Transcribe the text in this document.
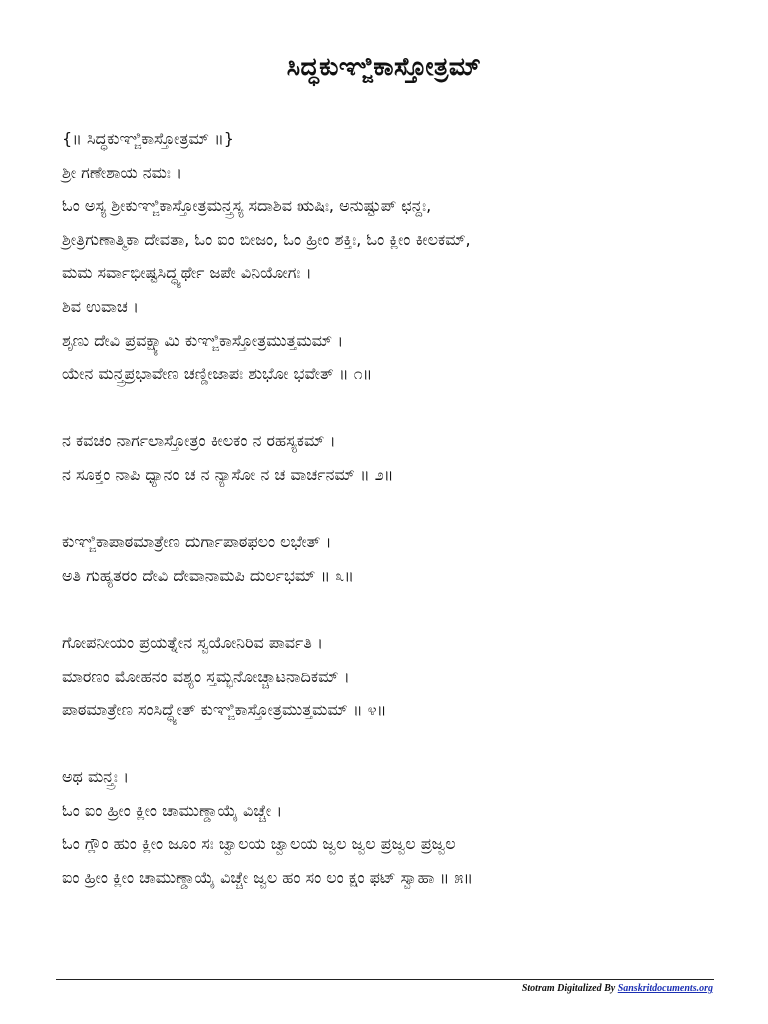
ಸಿದ್ಧಕುಞ್ಜಿಕಾಸ್ತೋತ್ರಮ್
{॥ ಸಿದ್ಧಕುಞ್ಜಿಕಾಸ್ತೋತ್ರಮ್ ॥}
ಶ್ರೀ ಗಣೇಶಾಯ ನಮಃ ।
ಓಂ ಅಸ್ಯ ಶ್ರೀಕುಞ್ಜಿಕಾಸ್ತೋತ್ರಮನ್ತ್ರಸ್ಯ ಸದಾಶಿವ ಋಷಿಃ, ಅನುಷ್ಟುಪ್ ಛನ್ದಃ,
ಶ್ರೀತ್ರಿಗುಣಾತ್ಮಿಕಾ ದೇವತಾ, ಓಂ ಐಂ ಬೀಜಂ, ಓಂ ಹ್ರೀಂ ಶಕ್ತಿಃ, ಓಂ ಕ್ಲೀಂ ಕೀಲಕಮ್,
ಮಮ ಸರ್ವಾಭೀಷ್ಟಸಿದ್ಧ್ಯರ್ಥೇ ಜಪೇ ವಿನಿಯೋಗಃ ।
ಶಿವ ಉವಾಚ ।
ಶೃಣು ದೇವಿ ಪ್ರವಕ್ಷ್ಯಾಮಿ ಕುಞ್ಜಿಕಾಸ್ತೋತ್ರಮುತ್ತಮಮ್ ।
ಯೇನ ಮನ್ತ್ರಪ್ರಭಾವೇಣ ಚಣ್ಡೀಜಾಪಃ ಶುಭೋ ಭವೇತ್ ॥ ೧॥
ನ ಕವಚಂ ನಾರ್ಗಲಾಸ್ತೋತ್ರಂ ಕೀಲಕಂ ನ ರಹಸ್ಯಕಮ್ ।
ನ ಸೂಕ್ತಂ ನಾಪಿ ಧ್ಯಾನಂ ಚ ನ ನ್ಯಾಸೋ ನ ಚ ವಾರ್ಚನಮ್ ॥ ೨॥
ಕುಞ್ಜಿಕಾಪಾಠಮಾತ್ರೇಣ ದುರ್ಗಾಪಾಠಫಲಂ ಲಭೇತ್ ।
ಅತಿ ಗುಹ್ಯತರಂ ದೇವಿ ದೇವಾನಾಮಪಿ ದುರ್ಲಭಮ್ ॥ ೩॥
ಗೋಪನೀಯಂ ಪ್ರಯತ್ನೇನ ಸ್ವಯೋನಿರಿವ ಪಾರ್ವತಿ ।
ಮಾರಣಂ ಮೋಹನಂ ವಶ್ಯಂ ಸ್ತಮ್ಭನೋಚ್ಚಾಟನಾದಿಕಮ್ ।
ಪಾಠಮಾತ್ರೇಣ ಸಂಸಿದ್ಧ್ಯೇತ್ ಕುಞ್ಜಿಕಾಸ್ತೋತ್ರಮುತ್ತಮಮ್ ॥ ೪॥
ಅಥ ಮನ್ತ್ರಃ ।
ಓಂ ಐಂ ಹ್ರೀಂ ಕ್ಲೀಂ ಚಾಮುಣ್ಡಾಯೈ ವಿಚ್ಚೇ ।
ಓಂ ಗ್ಲೌಂ ಹುಂ ಕ್ಲೀಂ ಜೂಂ ಸಃ ಜ್ವಾಲಯ ಜ್ವಾಲಯ ಜ್ವಲ ಜ್ವಲ ಪ್ರಜ್ವಲ ಪ್ರಜ್ವಲ
ಐಂ ಹ್ರೀಂ ಕ್ಲೀಂ ಚಾಮುಣ್ಡಾಯೈ ವಿಚ್ಚೇ ಜ್ವಲ ಹಂ ಸಂ ಲಂ ಕ್ಷಂ ಫಟ್ ಸ್ವಾಹಾ ॥ ೫॥
Stotram Digitalized By Sanskritdocuments.org
